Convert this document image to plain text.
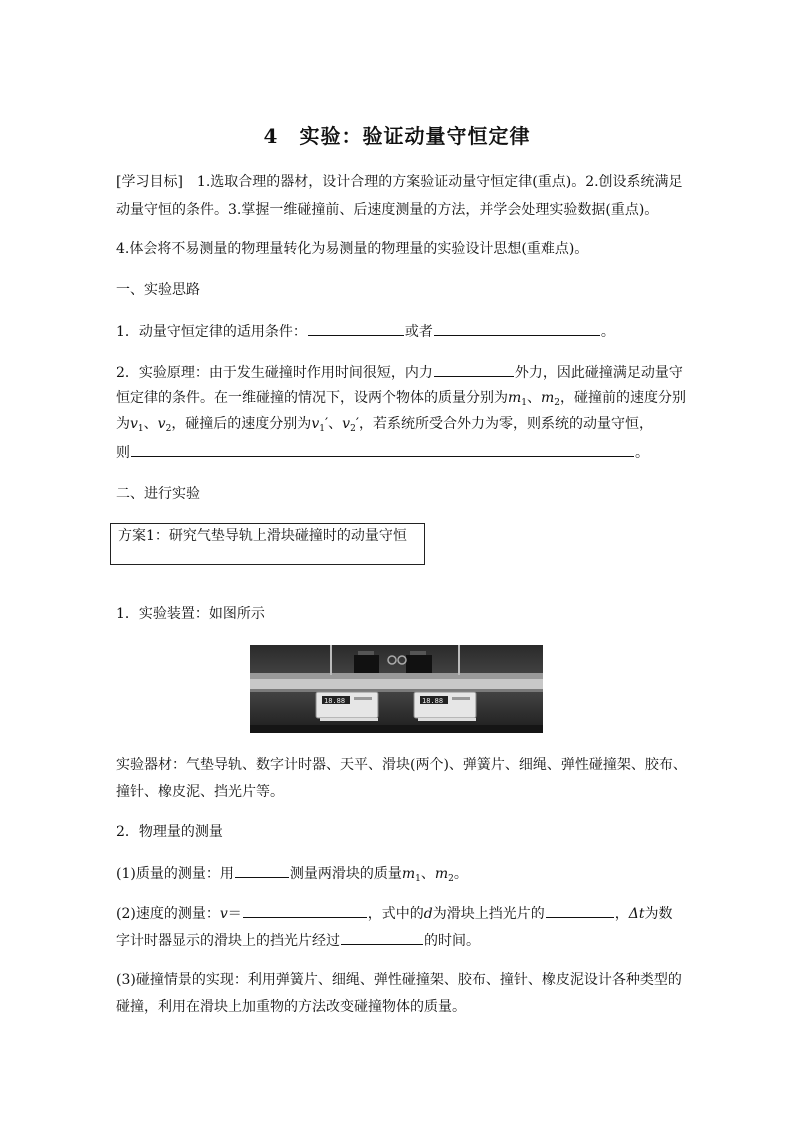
4　实验：验证动量守恒定律
[学习目标]　1.选取合理的器材，设计合理的方案验证动量守恒定律(重点)。2.创设系统满足
动量守恒的条件。3.掌握一维碰撞前、后速度测量的方法，并学会处理实验数据(重点)。
4.体会将不易测量的物理量转化为易测量的物理量的实验设计思想(重难点)。
一、实验思路
1．动量守恒定律的适用条件：	或者	。
2．实验原理：由于发生碰撞时作用时间很短，内力	外力，因此碰撞满足动量守
恒定律的条件。在一维碰撞的情况下，设两个物体的质量分别为$m_1$、$m_2$，碰撞前的速度分别
为$v_1$、$v_2$，碰撞后的速度分别为$v_1'$、$v_2'$，若系统所受合外力为零，则系统的动量守恒，
则	。
二、进行实验
方案1：研究气垫导轨上滑块碰撞时的动量守恒
1．实验装置：如图所示
18.88	18.88
实验器材：气垫导轨、数字计时器、天平、滑块(两个)、弹簧片、细绳、弹性碰撞架、胶布、
撞针、橡皮泥、挡光片等。
2．物理量的测量
(1)质量的测量：用	测量两滑块的质量$m_1$、$m_2$。
(2)速度的测量：v＝	，式中的d为滑块上挡光片的	，Δt为数
字计时器显示的滑块上的挡光片经过	的时间。
(3)碰撞情景的实现：利用弹簧片、细绳、弹性碰撞架、胶布、撞针、橡皮泥设计各种类型的
碰撞，利用在滑块上加重物的方法改变碰撞物体的质量。
